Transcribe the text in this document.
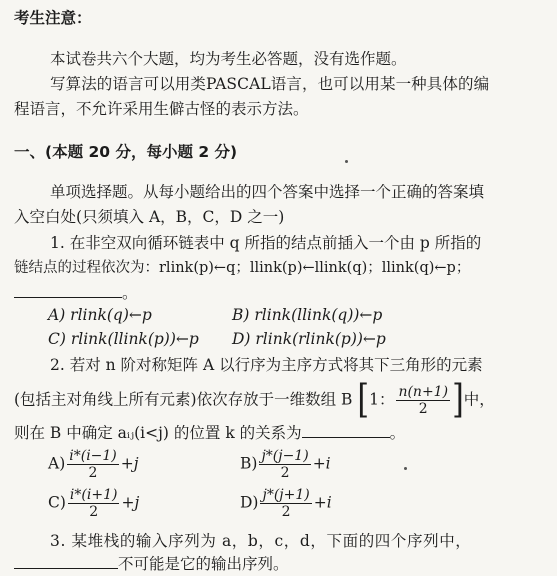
考生注意：
本试卷共六个大题，均为考生必答题，没有选作题。
写算法的语言可以用类PASCAL语言，也可以用某一种具体的编
程语言，不允许采用生僻古怪的表示方法。
一、(本题 20 分，每小题 2 分)
单项选择题。从每小题给出的四个答案中选择一个正确的答案填
入空白处(只须填入 A，B，C，D 之一)
1. 在非空双向循环链表中 q 所指的结点前插入一个由 p 所指的
链结点的过程依次为：rlink(p)←q；llink(p)←llink(q)；llink(q)←p；
。
A) rlink(q)←p	B) rlink(llink(q))←p
C) rlink(llink(p))←p D) rlink(rlink(p))←p
2. 若对 n 阶对称矩阵 A 以行序为主序方式将其下三角形的元素
(包括主对角线上所有元素)依次存放于一维数组 B [1： $\frac{n(n+1)}{2}$ ]中，
则在 B 中确定 aᵢⱼ(i<j) 的位置 k 的关系为	。
$A) \frac{i*(i-1)}{2} +j$	$B) \frac{j*(j-1)}{2} +i$
$C) \frac{i*(i+1)}{2} +j$	$D) \frac{j*(j+1)}{2} +i$
3. 某堆栈的输入序列为 a，b，c，d，下面的四个序列中，
不可能是它的输出序列。
